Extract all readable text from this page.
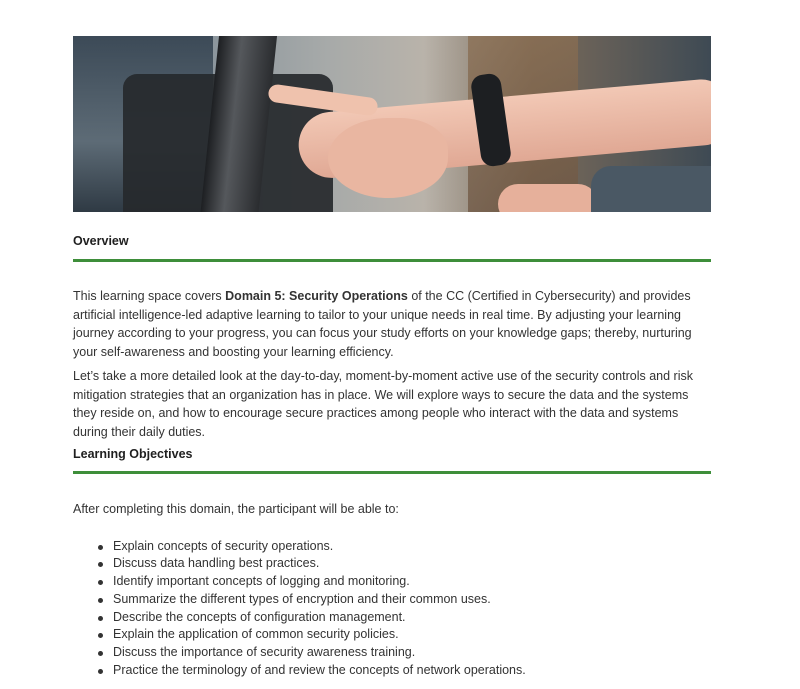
Overview

This learning space covers Domain 5: Security Operations of the CC (Certified in Cybersecurity) and provides artificial intelligence-led adaptive learning to tailor to your unique needs in real time. By adjusting your learning journey according to your progress, you can focus your study efforts on your knowledge gaps; thereby, nurturing your self-awareness and boosting your learning efficiency.

Let’s take a more detailed look at the day-to-day, moment-by-moment active use of the security controls and risk mitigation strategies that an organization has in place. We will explore ways to secure the data and the systems they reside on, and how to encourage secure practices among people who interact with the data and systems during their daily duties.

Learning Objectives

After completing this domain, the participant will be able to:

Explain concepts of security operations.
Discuss data handling best practices.
Identify important concepts of logging and monitoring.
Summarize the different types of encryption and their common uses.
Describe the concepts of configuration management.
Explain the application of common security policies.
Discuss the importance of security awareness training.
Practice the terminology of and review the concepts of network operations.
